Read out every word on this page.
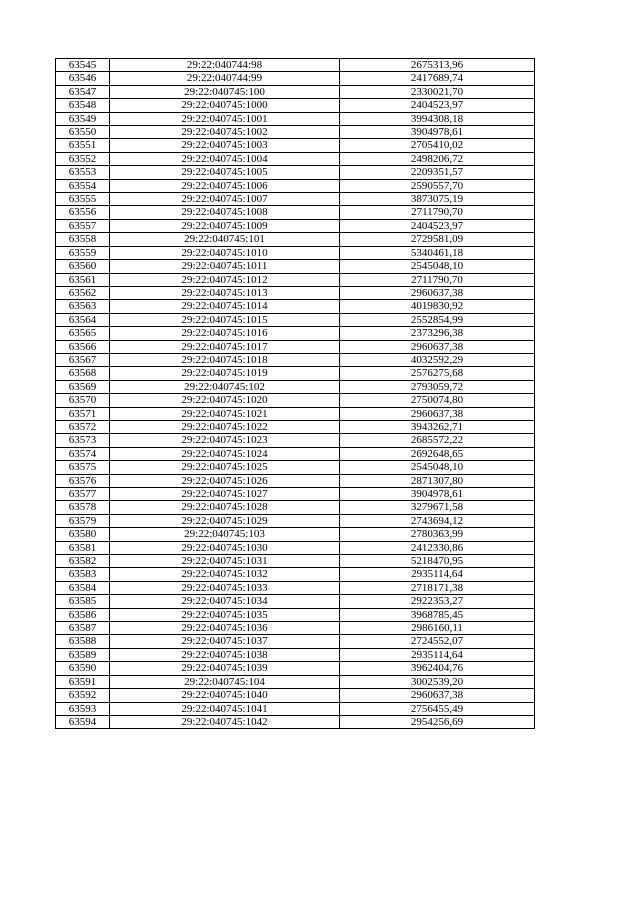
63545	29:22:040744:98	2675313,96
63546	29:22:040744:99	2417689,74
63547	29:22:040745:100	2330021,70
63548	29:22:040745:1000	2404523,97
63549	29:22:040745:1001	3994308,18
63550	29:22:040745:1002	3904978,61
63551	29:22:040745:1003	2705410,02
63552	29:22:040745:1004	2498206,72
63553	29:22:040745:1005	2209351,57
63554	29:22:040745:1006	2590557,70
63555	29:22:040745:1007	3873075,19
63556	29:22:040745:1008	2711790,70
63557	29:22:040745:1009	2404523,97
63558	29:22:040745:101	2729581,09
63559	29:22:040745:1010	5340461,18
63560	29:22:040745:1011	2545048,10
63561	29:22:040745:1012	2711790,70
63562	29:22:040745:1013	2960637,38
63563	29:22:040745:1014	4019830,92
63564	29:22:040745:1015	2552854,99
63565	29:22:040745:1016	2373296,38
63566	29:22:040745:1017	2960637,38
63567	29:22:040745:1018	4032592,29
63568	29:22:040745:1019	2576275,68
63569	29:22:040745:102	2793059,72
63570	29:22:040745:1020	2750074,80
63571	29:22:040745:1021	2960637,38
63572	29:22:040745:1022	3943262,71
63573	29:22:040745:1023	2685572,22
63574	29:22:040745:1024	2692648,65
63575	29:22:040745:1025	2545048,10
63576	29:22:040745:1026	2871307,80
63577	29:22:040745:1027	3904978,61
63578	29:22:040745:1028	3279671,58
63579	29:22:040745:1029	2743694,12
63580	29:22:040745:103	2780363,99
63581	29:22:040745:1030	2412330,86
63582	29:22:040745:1031	5218470,95
63583	29:22:040745:1032	2935114,64
63584	29:22:040745:1033	2718171,38
63585	29:22:040745:1034	2922353,27
63586	29:22:040745:1035	3968785,45
63587	29:22:040745:1036	2986160,11
63588	29:22:040745:1037	2724552,07
63589	29:22:040745:1038	2935114,64
63590	29:22:040745:1039	3962404,76
63591	29:22:040745:104	3002539,20
63592	29:22:040745:1040	2960637,38
63593	29:22:040745:1041	2756455,49
63594	29:22:040745:1042	2954256,69
